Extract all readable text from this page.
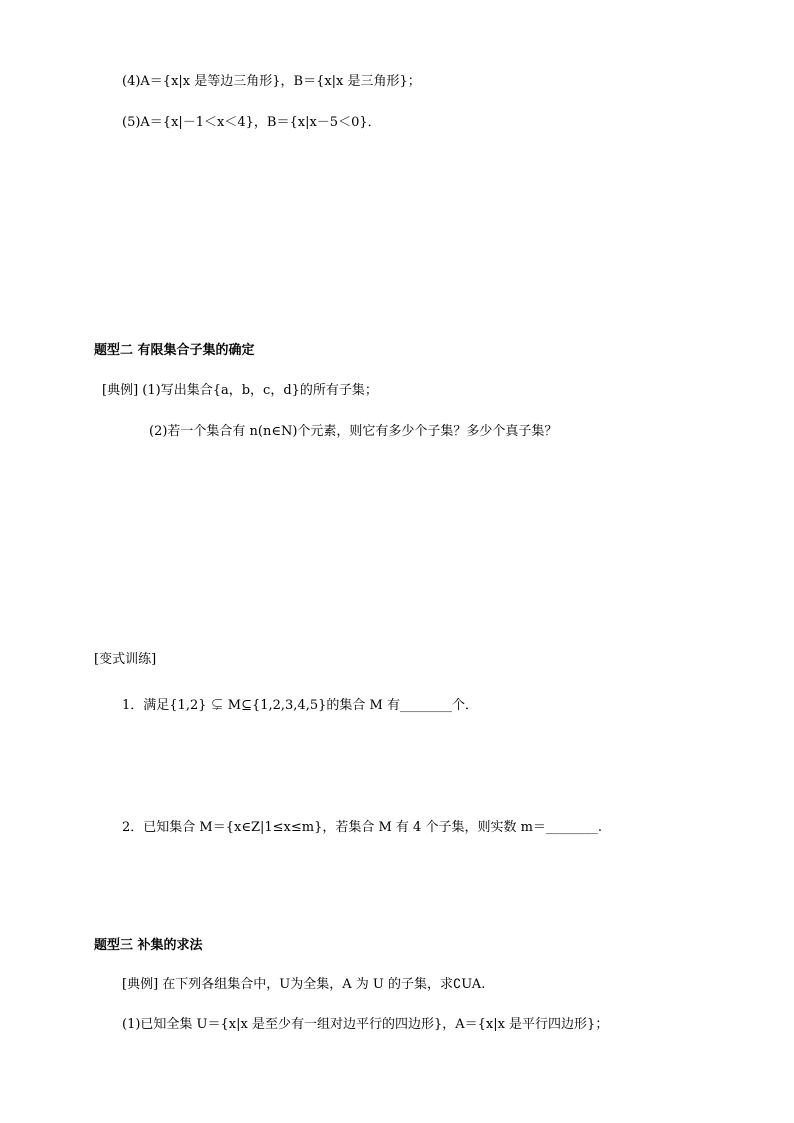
(4)A＝{x|x 是等边三角形}，B＝{x|x 是三角形}；
(5)A＝{x|－1＜x＜4}，B＝{x|x－5＜0}．
题型二 有限集合子集的确定
[典例] (1)写出集合{a，b，c，d}的所有子集；
(2)若一个集合有 n(n∈N)个元素，则它有多少个子集？多少个真子集？
[变式训练]
1．满足{1,2} ⊊ M⊆{1,2,3,4,5}的集合 M 有________个．
2．已知集合 M＝{x∈Z|1≤x≤m}，若集合 M 有 4 个子集，则实数 m＝________.
题型三 补集的求法
[典例] 在下列各组集合中，U为全集，A 为 U 的子集，求∁UA.
(1)已知全集 U＝{x|x 是至少有一组对边平行的四边形}，A＝{x|x 是平行四边形}；
